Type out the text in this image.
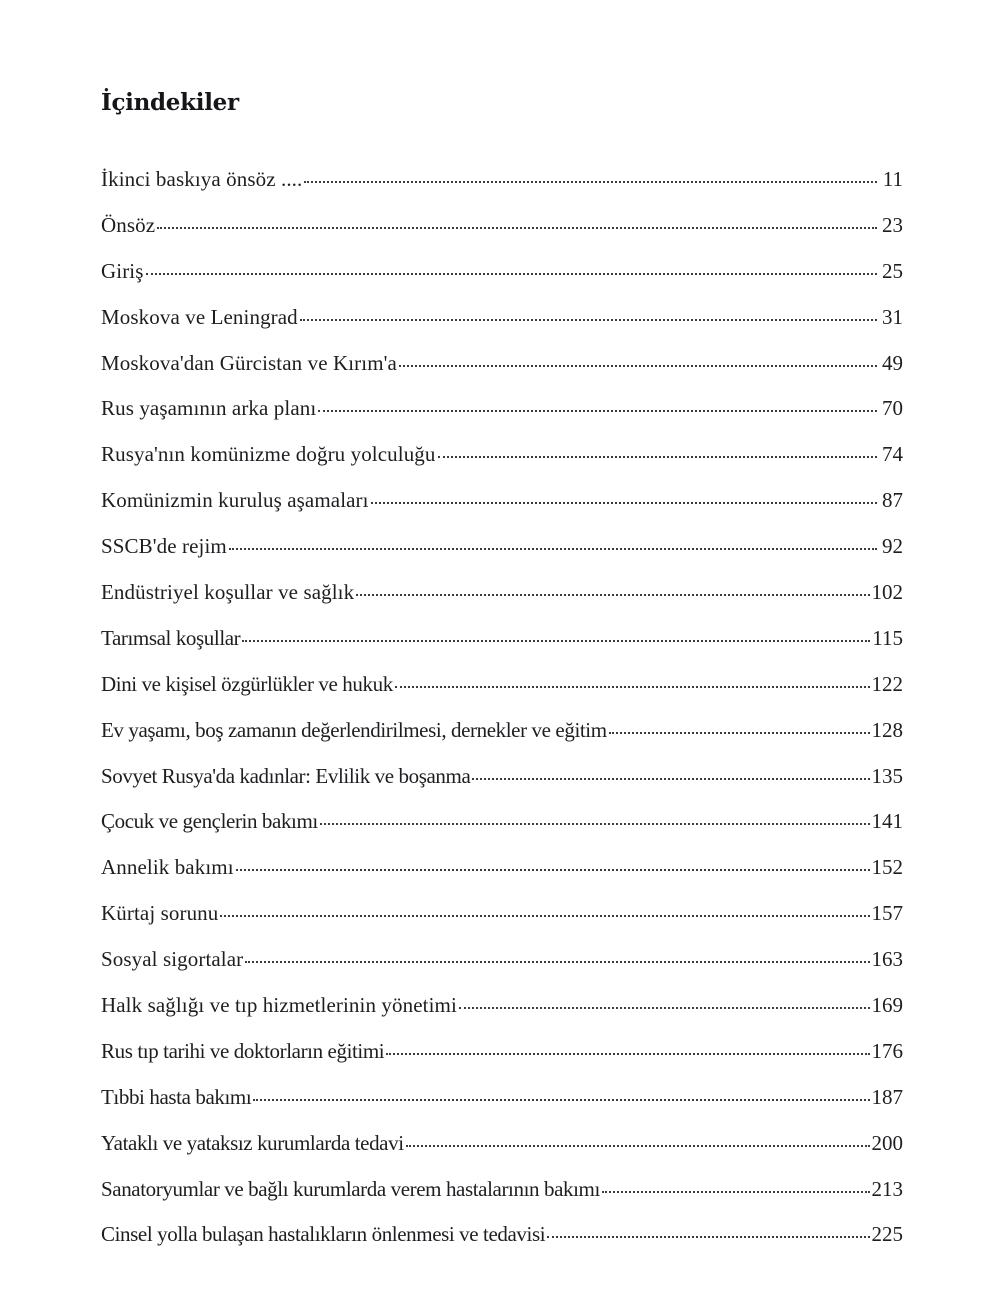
İçindekiler
İkinci baskıya önsöz ....	11
Önsöz	23
Giriş	25
Moskova ve Leningrad	31
Moskova'dan Gürcistan ve Kırım'a	49
Rus yaşamının arka planı	70
Rusya'nın komünizme doğru yolculuğu	74
Komünizmin kuruluş aşamaları	87
SSCB'de rejim	92
Endüstriyel koşullar ve sağlık	102
Tarımsal koşullar	115
Dini ve kişisel özgürlükler ve hukuk	122
Ev yaşamı, boş zamanın değerlendirilmesi, dernekler ve eğitim	128
Sovyet Rusya'da kadınlar: Evlilik ve boşanma	135
Çocuk ve gençlerin bakımı	141
Annelik bakımı	152
Kürtaj sorunu	157
Sosyal sigortalar	163
Halk sağlığı ve tıp hizmetlerinin yönetimi	169
Rus tıp tarihi ve doktorların eğitimi	176
Tıbbi hasta bakımı	187
Yataklı ve yataksız kurumlarda tedavi	200
Sanatoryumlar ve bağlı kurumlarda verem hastalarının bakımı	213
Cinsel yolla bulaşan hastalıkların önlenmesi ve tedavisi	225
